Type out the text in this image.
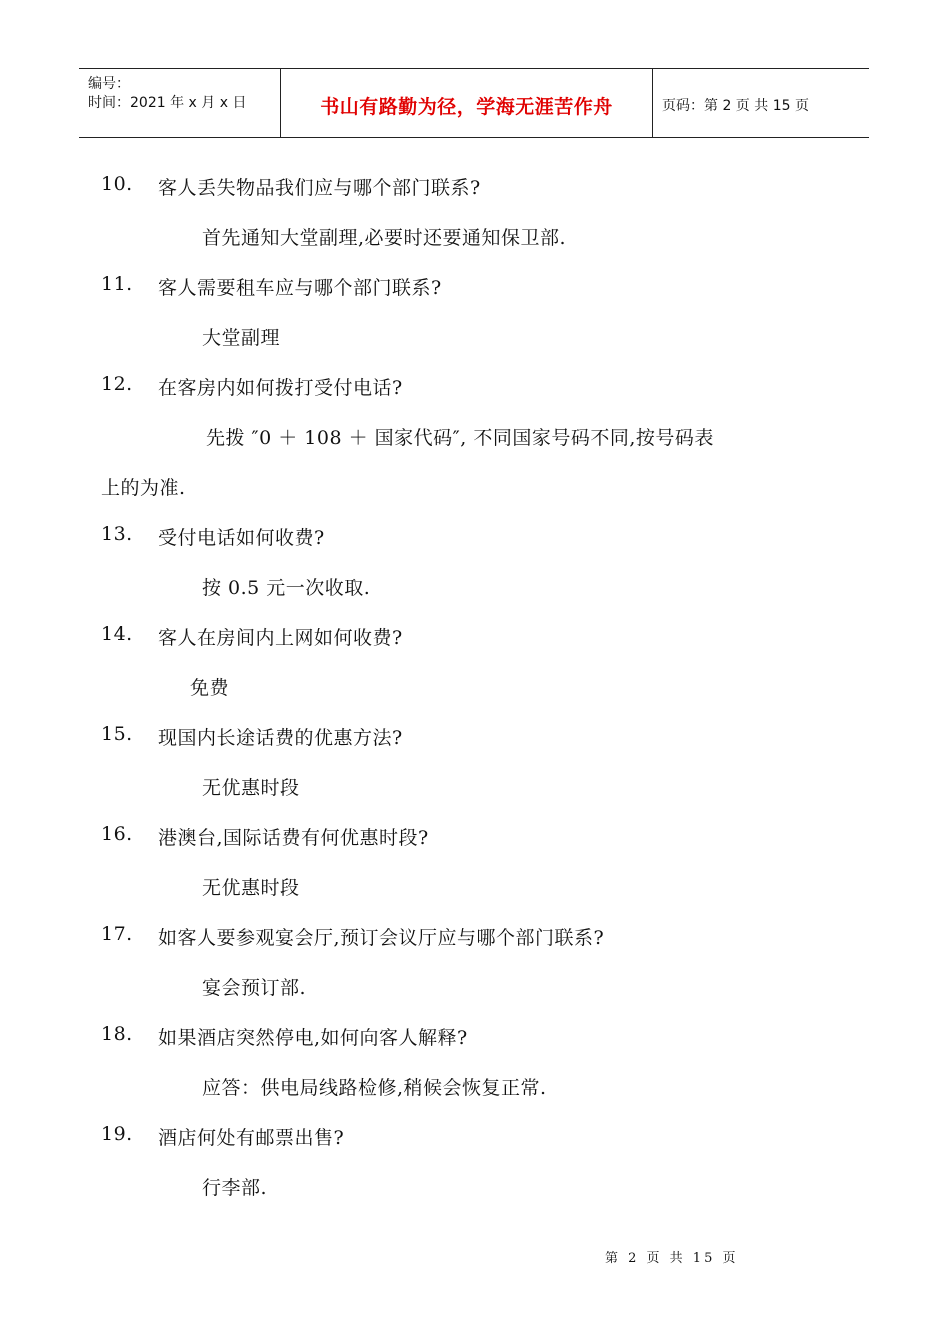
编号：
时间：2021 年 x 月 x 日	书山有路勤为径，学海无涯苦作舟	页码：第 2 页 共 15 页
10.	客人丢失物品我们应与哪个部门联系?
首先通知大堂副理,必要时还要通知保卫部.
11.	客人需要租车应与哪个部门联系?
大堂副理
12.	在客房内如何拨打受付电话?
先拨 ″0 ＋ 108 ＋ 国家代码″, 不同国家号码不同,按号码表
上的为准.
13.	受付电话如何收费?
按 0.5 元一次收取.
14.	客人在房间内上网如何收费?
免费
15.	现国内长途话费的优惠方法?
无优惠时段
16.	港澳台,国际话费有何优惠时段?
无优惠时段
17.	如客人要参观宴会厅,预订会议厅应与哪个部门联系?
宴会预订部.
18.	如果酒店突然停电,如何向客人解释?
应答：供电局线路检修,稍候会恢复正常.
19.	酒店何处有邮票出售?
行李部.
第 2 页 共 15 页
